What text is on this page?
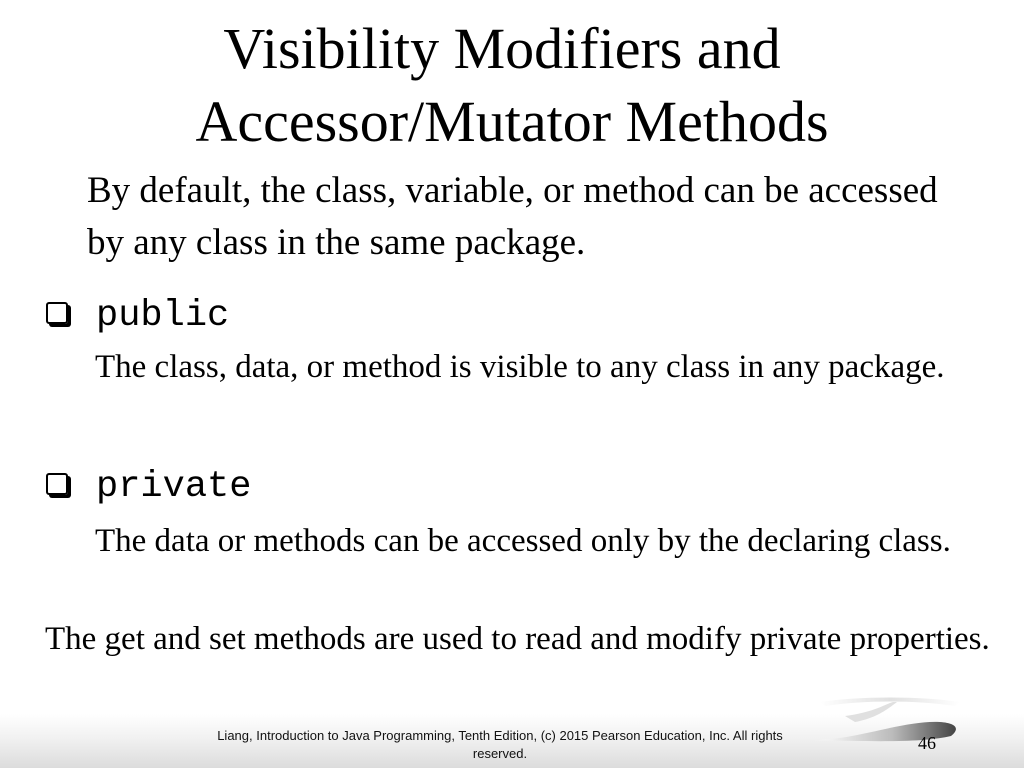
Visibility Modifiers and
Accessor/Mutator Methods

By default, the class, variable, or method can be accessed by any class in the same package.

public

The class, data, or method is visible to any class in any package.

private

The data or methods can be accessed only by the declaring class.

The get and set methods are used to read and modify private properties.

Liang, Introduction to Java Programming, Tenth Edition, (c) 2015 Pearson Education, Inc. All rights reserved.
46
